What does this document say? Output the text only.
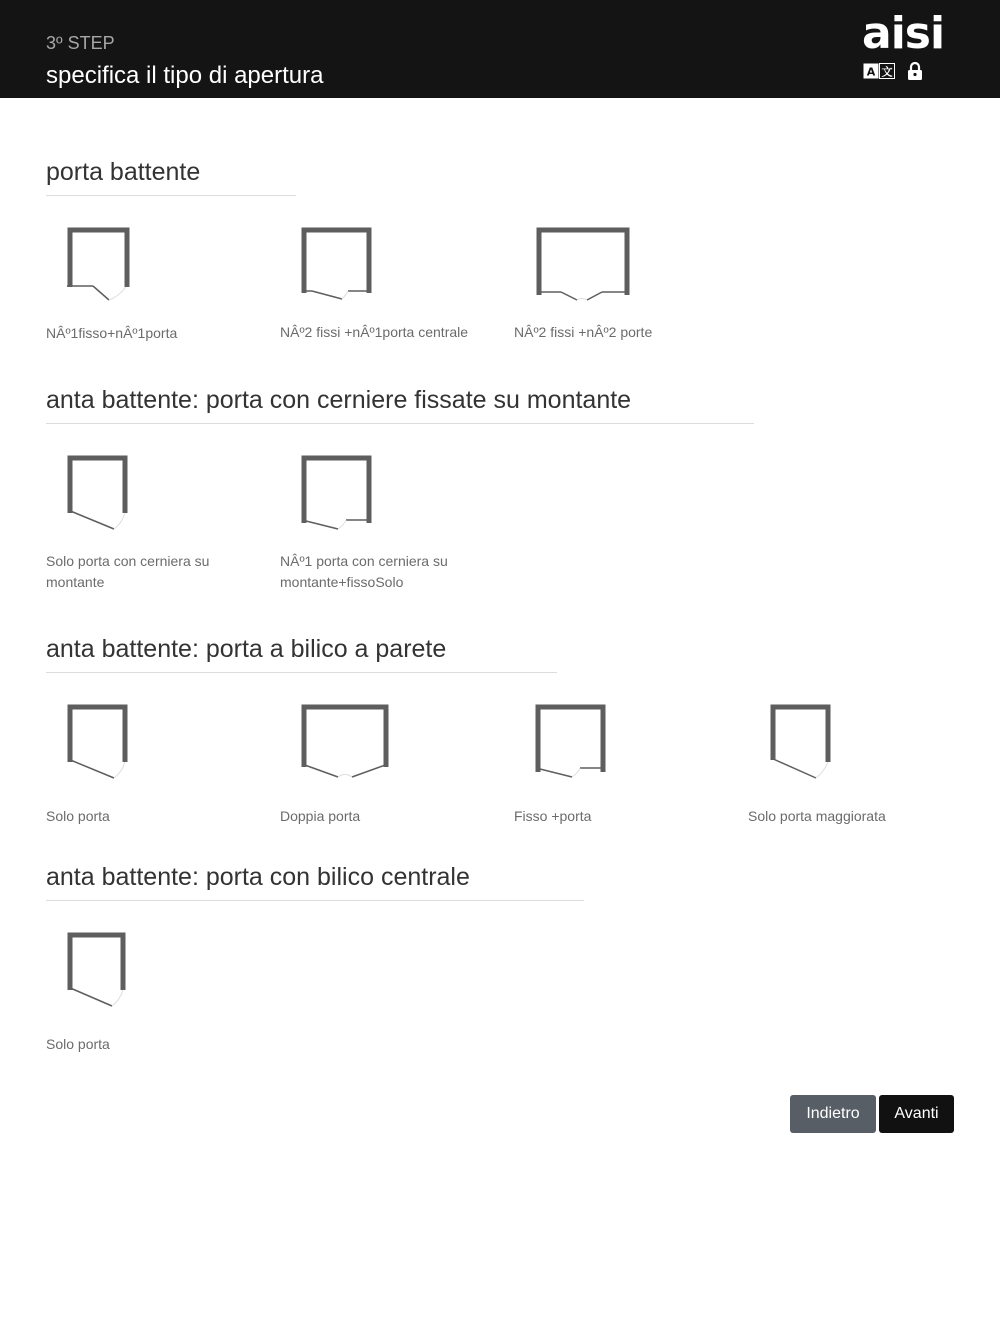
3º STEP
specifica il tipo di apertura
aisi
A 文
porta battente
NÂº1fisso+nÂº1porta	NÂº2 fissi +nÂº1porta centrale	NÂº2 fissi +nÂº2 porte
anta battente: porta con cerniere fissate su montante
Solo porta con cerniera su montante
NÂº1 porta con cerniera su montante+fissoSolo
anta battente: porta a bilico a parete
Solo porta	Doppia porta	Fisso +porta	Solo porta maggiorata
anta battente: porta con bilico centrale
Solo porta
Indietro	Avanti
